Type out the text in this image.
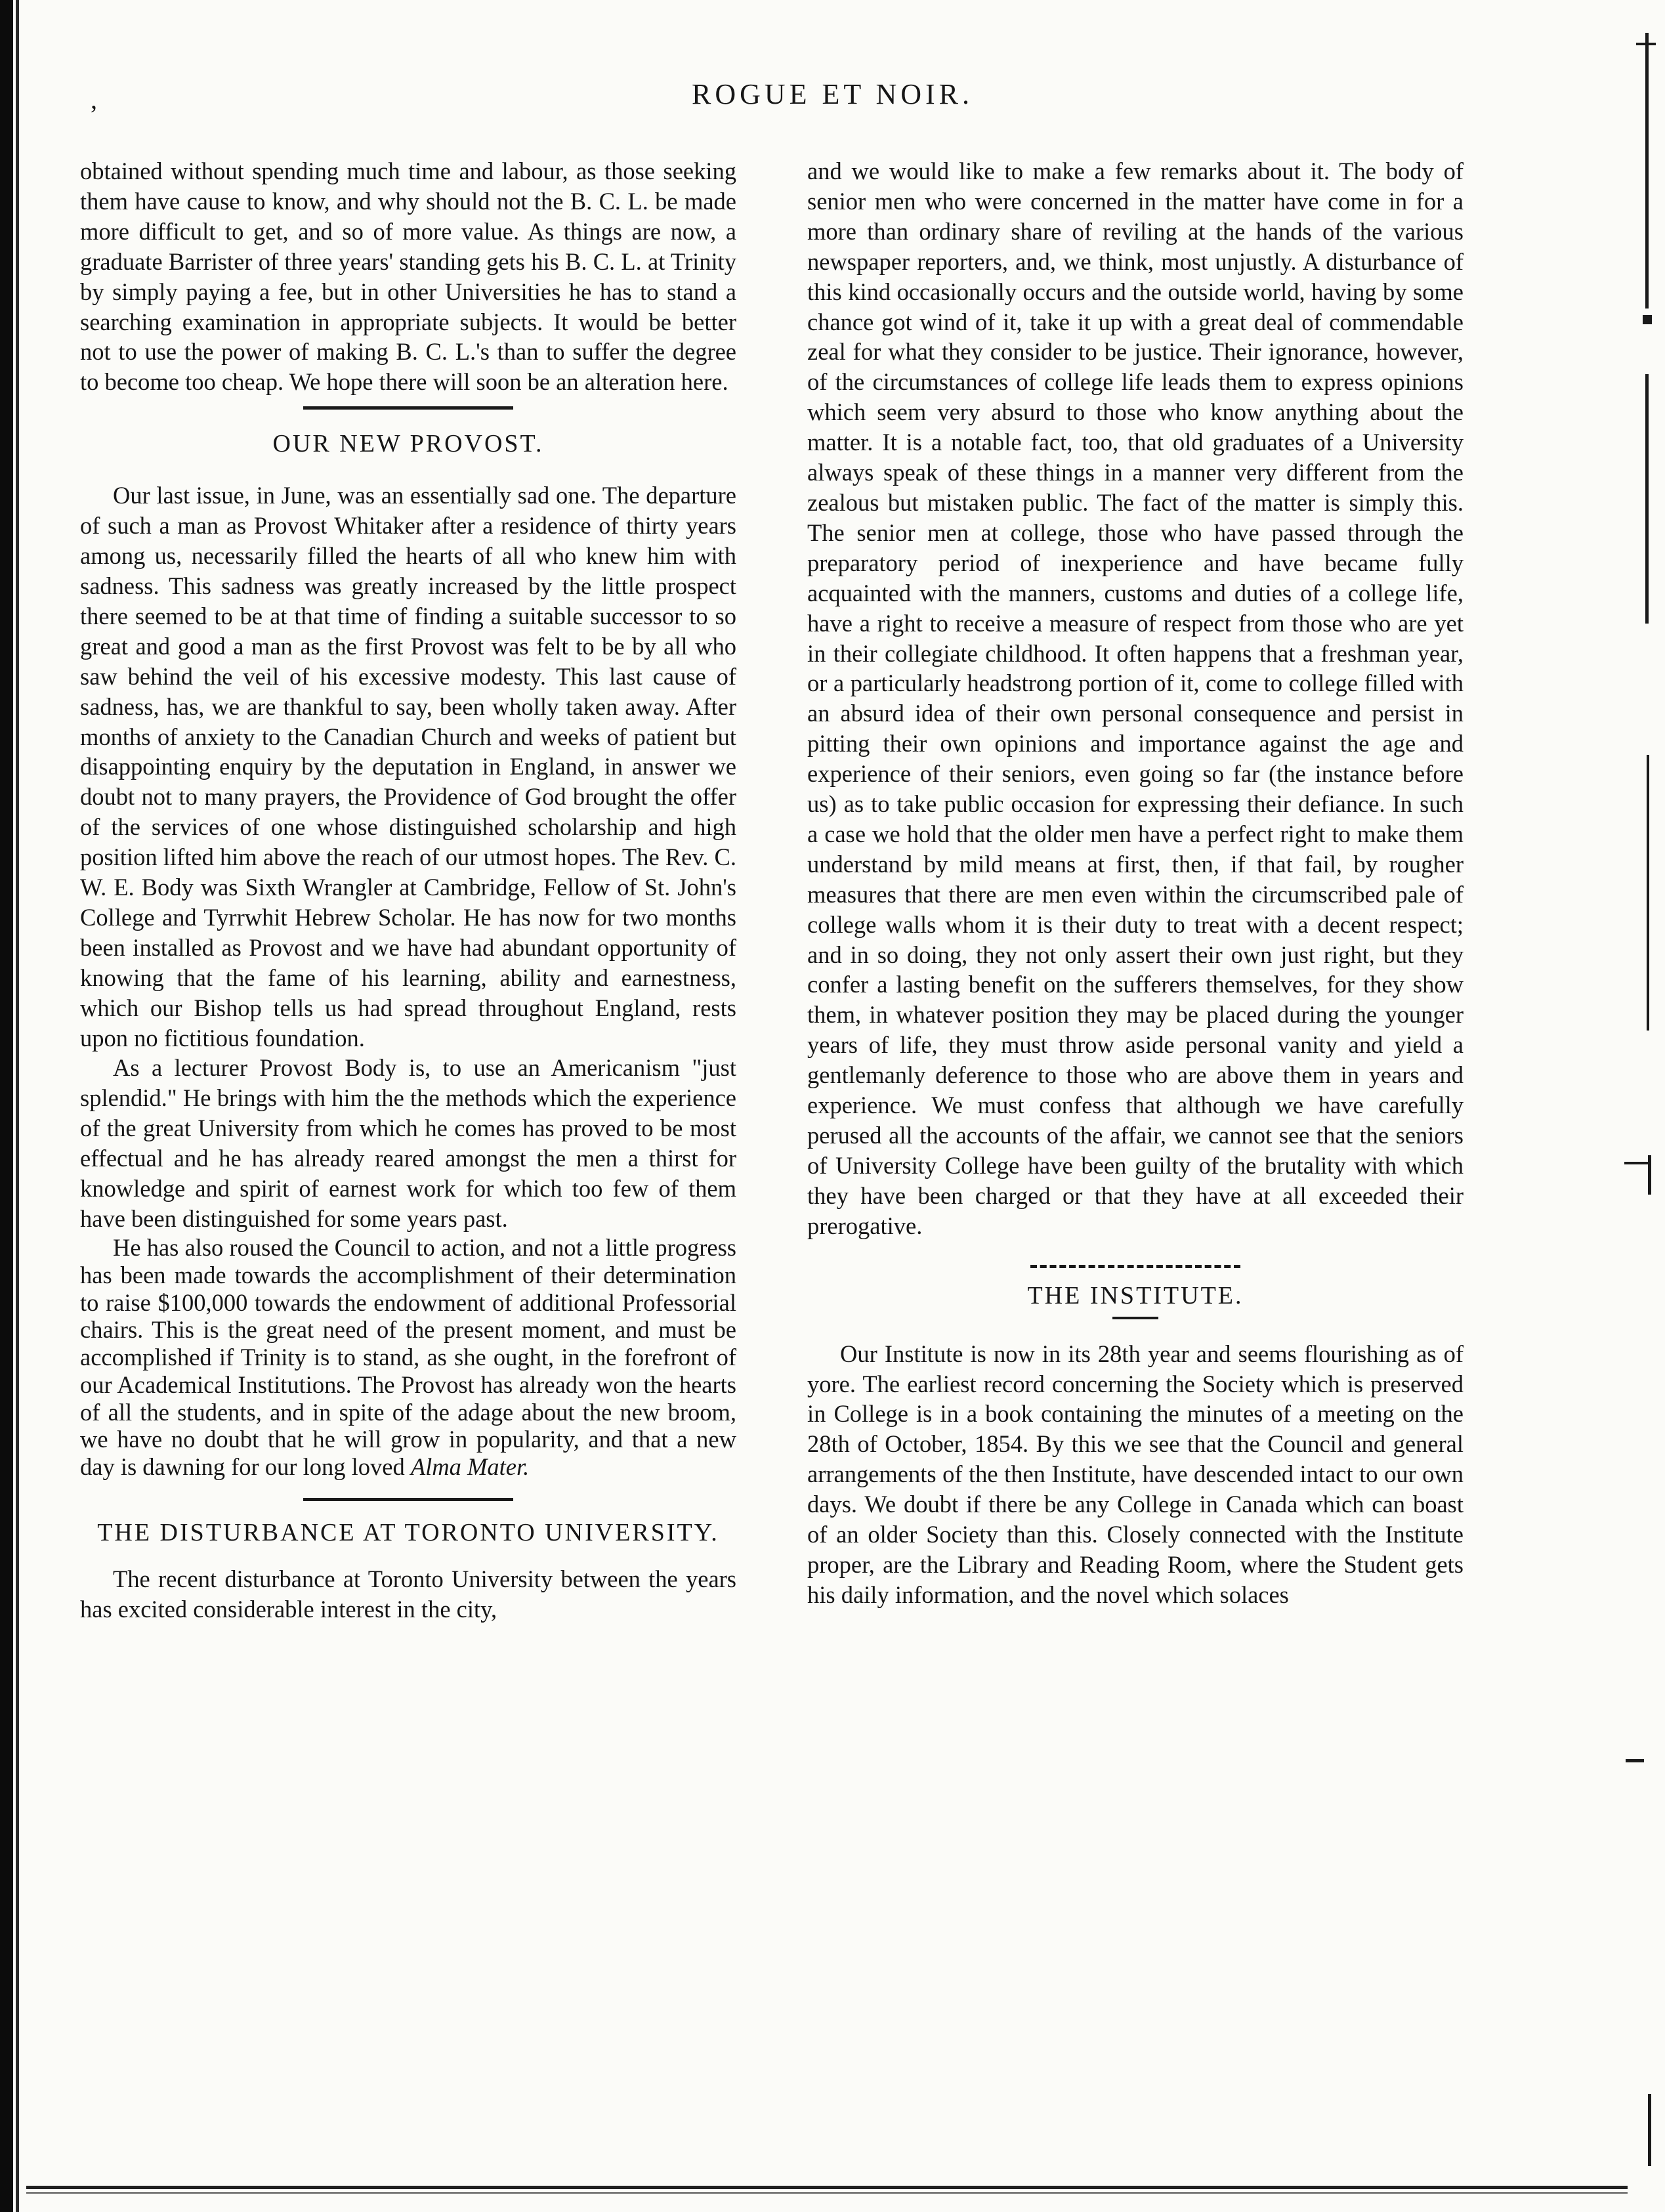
,	ROGUE ET NOIR.

obtained without spending much time and labour, as those seeking them have cause to know, and why should not the B. C. L. be made more difficult to get, and so of more value. As things are now, a graduate Barrister of three years' standing gets his B. C. L. at Trinity by simply paying a fee, but in other Universities he has to stand a searching examination in appropriate subjects. It would be better not to use the power of making B. C. L.'s than to suffer the degree to become too cheap. We hope there will soon be an alteration here.

OUR NEW PROVOST.

Our last issue, in June, was an essentially sad one. The departure of such a man as Provost Whitaker after a residence of thirty years among us, necessarily filled the hearts of all who knew him with sadness. This sadness was greatly increased by the little prospect there seemed to be at that time of finding a suitable successor to so great and good a man as the first Provost was felt to be by all who saw behind the veil of his excessive modesty. This last cause of sadness, has, we are thankful to say, been wholly taken away. After months of anxiety to the Canadian Church and weeks of patient but disappointing enquiry by the deputation in England, in answer we doubt not to many prayers, the Providence of God brought the offer of the services of one whose distinguished scholarship and high position lifted him above the reach of our utmost hopes. The Rev. C. W. E. Body was Sixth Wrangler at Cambridge, Fellow of St. John's College and Tyrrwhit Hebrew Scholar. He has now for two months been installed as Provost and we have had abundant opportunity of knowing that the fame of his learning, ability and earnestness, which our Bishop tells us had spread throughout England, rests upon no fictitious foundation.

As a lecturer Provost Body is, to use an Americanism "just splendid." He brings with him the the methods which the experience of the great University from which he comes has proved to be most effectual and he has already reared amongst the men a thirst for knowledge and spirit of earnest work for which too few of them have been distinguished for some years past.

He has also roused the Council to action, and not a little progress has been made towards the accomplishment of their determination to raise $100,000 towards the endowment of additional Professorial chairs. This is the great need of the present moment, and must be accomplished if Trinity is to stand, as she ought, in the forefront of our Academical Institutions. The Provost has already won the hearts of all the students, and in spite of the adage about the new broom, we have no doubt that he will grow in popularity, and that a new day is dawning for our long loved Alma Mater.

THE DISTURBANCE AT TORONTO UNIVERSITY.

The recent disturbance at Toronto University between the years has excited considerable interest in the city,

and we would like to make a few remarks about it. The body of senior men who were concerned in the matter have come in for a more than ordinary share of reviling at the hands of the various newspaper reporters, and, we think, most unjustly. A disturbance of this kind occasionally occurs and the outside world, having by some chance got wind of it, take it up with a great deal of commendable zeal for what they consider to be justice. Their ignorance, however, of the circumstances of college life leads them to express opinions which seem very absurd to those who know anything about the matter. It is a notable fact, too, that old graduates of a University always speak of these things in a manner very different from the zealous but mistaken public. The fact of the matter is simply this. The senior men at college, those who have passed through the preparatory period of inexperience and have became fully acquainted with the manners, customs and duties of a college life, have a right to receive a measure of respect from those who are yet in their collegiate childhood. It often happens that a freshman year, or a particularly headstrong portion of it, come to college filled with an absurd idea of their own personal consequence and persist in pitting their own opinions and importance against the age and experience of their seniors, even going so far (the instance before us) as to take public occasion for expressing their defiance. In such a case we hold that the older men have a perfect right to make them understand by mild means at first, then, if that fail, by rougher measures that there are men even within the circumscribed pale of college walls whom it is their duty to treat with a decent respect; and in so doing, they not only assert their own just right, but they confer a lasting benefit on the sufferers themselves, for they show them, in whatever position they may be placed during the younger years of life, they must throw aside personal vanity and yield a gentlemanly deference to those who are above them in years and experience. We must confess that although we have carefully perused all the accounts of the affair, we cannot see that the seniors of University College have been guilty of the brutality with which they have been charged or that they have at all exceeded their prerogative.

THE INSTITUTE.

Our Institute is now in its 28th year and seems flourishing as of yore. The earliest record concerning the Society which is preserved in College is in a book containing the minutes of a meeting on the 28th of October, 1854. By this we see that the Council and general arrangements of the then Institute, have descended intact to our own days. We doubt if there be any College in Canada which can boast of an older Society than this. Closely connected with the Institute proper, are the Library and Reading Room, where the Student gets his daily information, and the novel which solaces
